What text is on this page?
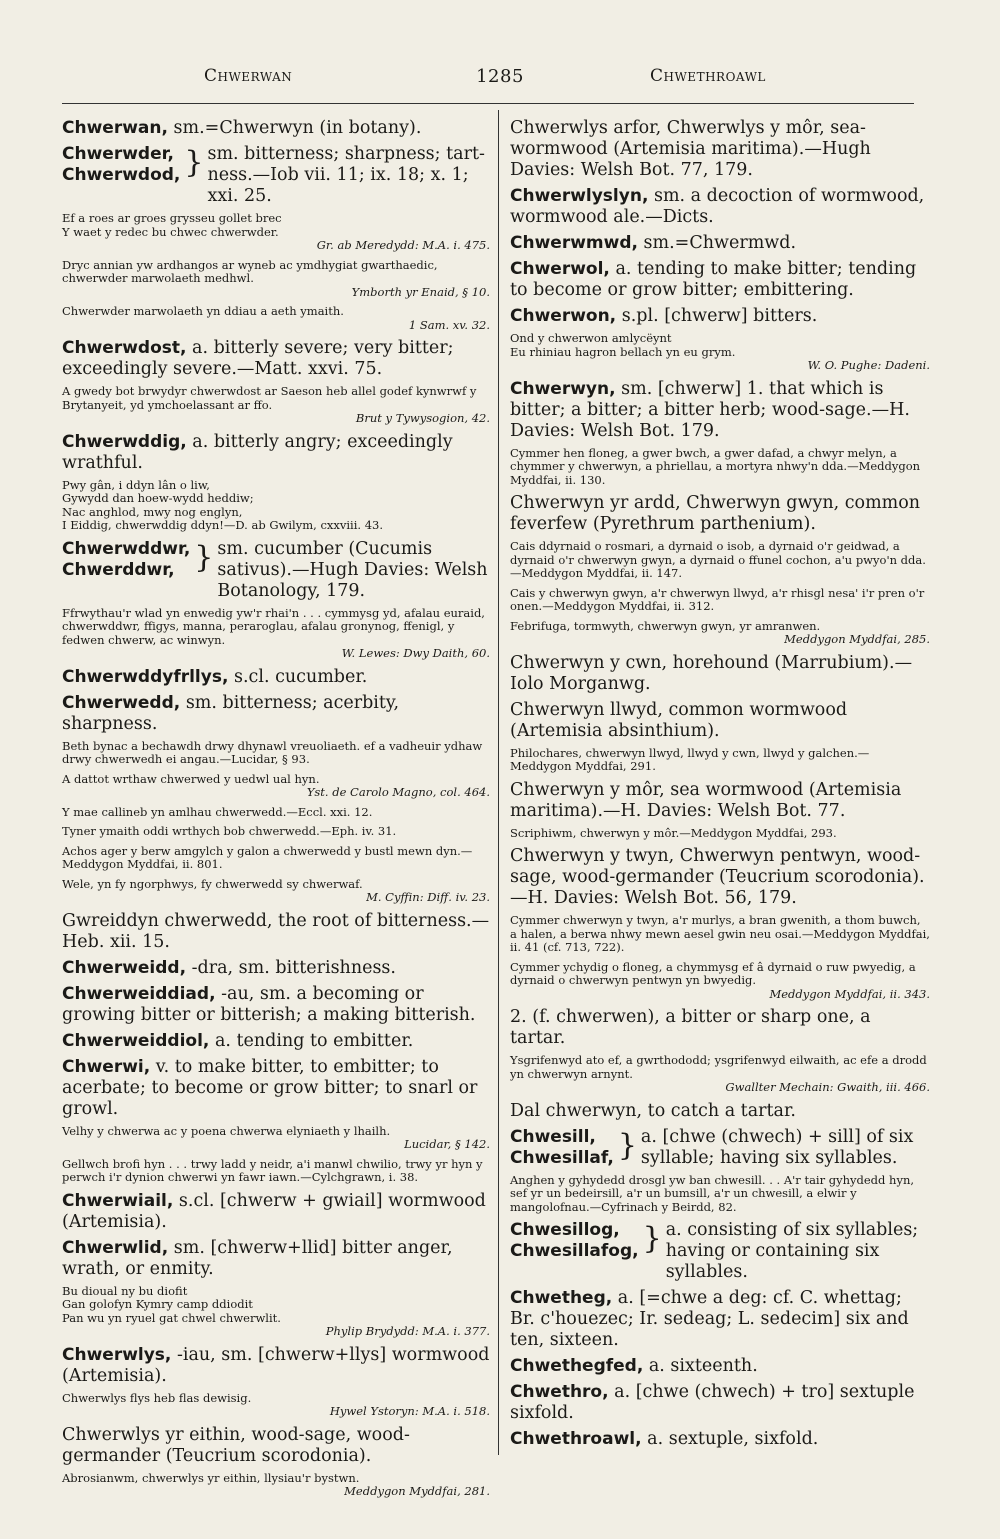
Chwerwan	1285	Chwethroawl
Chwerwan, sm.=Chwerwyn (in botany).
Chwerwder,
Chwerwdod, } sm. bitterness; sharpness; tart-ness.—Iob vii. 11; ix. 18; x. 1; xxi. 25.
Ef a roes ar groes grysseu gollet brec
Y waet y redec bu chwec chwerwder.
Gr. ab Meredydd: M.A. i. 475.
Dryc annian yw ardhangos ar wyneb ac ymdhygiat gwarthaedic, chwerwder marwolaeth medhwl.
Ymborth yr Enaid, § 10.
Chwerwder marwolaeth yn ddiau a aeth ymaith.
1 Sam. xv. 32.
Chwerwdost, a. bitterly severe; very bitter; exceedingly severe.—Matt. xxvi. 75.
A gwedy bot brwydyr chwerwdost ar Saeson heb allel godef kynwrwf y Brytanyeit, yd ymchoelassant ar ffo.
Brut y Tywysogion, 42.
Chwerwddig, a. bitterly angry; exceedingly wrathful.
Pwy gân, i ddyn lân o liw,
Gywydd dan hoew-wydd heddiw;
Nac anghlod, mwy nog englyn,
I Eiddig, chwerwddig ddyn!—D. ab Gwilym, cxxviii. 43.
Chwerwddwr,
Chwerddwr, } sm. cucumber (Cucumis sativus).—Hugh Davies: Welsh Botanology, 179.
Ffrwythau'r wlad yn enwedig yw'r rhai'n . . . cymmysg yd, afalau euraid, chwerwddwr, ffigys, manna, peraroglau, afalau gronynog, ffenigl, y fedwen chwerw, ac winwyn.
W. Lewes: Dwy Daith, 60.
Chwerwddyfrllys, s.cl. cucumber.
Chwerwedd, sm. bitterness; acerbity, sharpness.
Beth bynac a bechawdh drwy dhynawl vreuoliaeth. ef a vadheuir ydhaw drwy chwerwedh ei angau.—Lucidar, § 93.
A dattot wrthaw chwerwed y uedwl ual hyn.
Yst. de Carolo Magno, col. 464.
Y mae callineb yn amlhau chwerwedd.—Eccl. xxi. 12.
Tyner ymaith oddi wrthych bob chwerwedd.—Eph. iv. 31.
Achos ager y berw amgylch y galon a chwerwedd y bustl mewn dyn.—Meddygon Myddfai, ii. 801.
Wele, yn fy ngorphwys, fy chwerwedd sy chwerwaf.
M. Cyffin: Diff. iv. 23.
Gwreiddyn chwerwedd, the root of bitterness.—Heb. xii. 15.
Chwerweidd, -dra, sm. bitterishness.
Chwerweiddiad, -au, sm. a becoming or growing bitter or bitterish; a making bitterish.
Chwerweiddiol, a. tending to embitter.
Chwerwi, v. to make bitter, to embitter; to acerbate; to become or grow bitter; to snarl or growl.
Velhy y chwerwa ac y poena chwerwa elyniaeth y lhailh.
Lucidar, § 142.
Gellwch brofi hyn . . . trwy ladd y neidr, a'i manwl chwilio, trwy yr hyn y perwch i'r dynion chwerwi yn fawr iawn.—Cylchgrawn, i. 38.
Chwerwiail, s.cl. [chwerw + gwiail] wormwood (Artemisia).
Chwerwlid, sm. [chwerw+llid] bitter anger, wrath, or enmity.
Bu dioual ny bu diofit
Gan golofyn Kymry camp ddiodit
Pan wu yn ryuel gat chwel chwerwlit.
Phylip Brydydd: M.A. i. 377.
Chwerwlys, -iau, sm. [chwerw+llys] wormwood (Artemisia).
Chwerwlys flys heb flas dewisig.
Hywel Ystoryn: M.A. i. 518.
Chwerwlys yr eithin, wood-sage, wood-germander (Teucrium scorodonia).
Abrosianwm, chwerwlys yr eithin, llysiau'r bystwn.
Meddygon Myddfai, 281.
Chwerwlys arfor, Chwerwlys y môr, sea-wormwood (Artemisia maritima).—Hugh Davies: Welsh Bot. 77, 179.
Chwerwlyslyn, sm. a decoction of wormwood, wormwood ale.—Dicts.
Chwerwmwd, sm.=Chwermwd.
Chwerwol, a. tending to make bitter; tending to become or grow bitter; embittering.
Chwerwon, s.pl. [chwerw] bitters.
Ond y chwerwon amlycëynt
Eu rhiniau hagron bellach yn eu grym.
W. O. Pughe: Dadeni.
Chwerwyn, sm. [chwerw] 1. that which is bitter; a bitter; a bitter herb; wood-sage.—H. Davies: Welsh Bot. 179.
Cymmer hen floneg, a gwer bwch, a gwer dafad, a chwyr melyn, a chymmer y chwerwyn, a phriellau, a mortyra nhwy'n dda.—Meddygon Myddfai, ii. 130.
Chwerwyn yr ardd, Chwerwyn gwyn, common feverfew (Pyrethrum parthenium).
Cais ddyrnaid o rosmari, a dyrnaid o isob, a dyrnaid o'r geidwad, a dyrnaid o'r chwerwyn gwyn, a dyrnaid o ffunel cochon, a'u pwyo'n dda.—Meddygon Myddfai, ii. 147.
Cais y chwerwyn gwyn, a'r chwerwyn llwyd, a'r rhisgl nesa' i'r pren o'r onen.—Meddygon Myddfai, ii. 312.
Febrifuga, tormwyth, chwerwyn gwyn, yr amranwen.
Meddygon Myddfai, 285.
Chwerwyn y cwn, horehound (Marrubium).—Iolo Morganwg.
Chwerwyn llwyd, common wormwood (Artemisia absinthium).
Philochares, chwerwyn llwyd, llwyd y cwn, llwyd y galchen.—Meddygon Myddfai, 291.
Chwerwyn y môr, sea wormwood (Artemisia maritima).—H. Davies: Welsh Bot. 77.
Scriphiwm, chwerwyn y môr.—Meddygon Myddfai, 293.
Chwerwyn y twyn, Chwerwyn pentwyn, wood-sage, wood-germander (Teucrium scorodonia).—H. Davies: Welsh Bot. 56, 179.
Cymmer chwerwyn y twyn, a'r murlys, a bran gwenith, a thom buwch, a halen, a berwa nhwy mewn aesel gwin neu osai.—Meddygon Myddfai, ii. 41 (cf. 713, 722).
Cymmer ychydig o floneg, a chymmysg ef â dyrnaid o ruw pwyedig, a dyrnaid o chwerwyn pentwyn yn bwyedig.
Meddygon Myddfai, ii. 343.
2. (f. chwerwen), a bitter or sharp one, a tartar.
Ysgrifenwyd ato ef, a gwrthododd; ysgrifenwyd eilwaith, ac efe a drodd yn chwerwyn arnynt.
Gwallter Mechain: Gwaith, iii. 466.
Dal chwerwyn, to catch a tartar.
Chwesill,
Chwesillaf, } a. [chwe (chwech) + sill] of six syllable; having six syllables.
Anghen y gyhydedd drosgl yw ban chwesill. . . A'r tair gyhydedd hyn, sef yr un bedeirsill, a'r un bumsill, a'r un chwesill, a elwir y mangolofnau.—Cyfrinach y Beirdd, 82.
Chwesillog,
Chwesillafog, } a. consisting of six syllables; having or containing six syllables.
Chwetheg, a. [=chwe a deg: cf. C. whettag; Br. c'houezec; Ir. sedeag; L. sedecim] six and ten, sixteen.
Chwethegfed, a. sixteenth.
Chwethro, a. [chwe (chwech) + tro] sextuple sixfold.
Chwethroawl, a. sextuple, sixfold.
